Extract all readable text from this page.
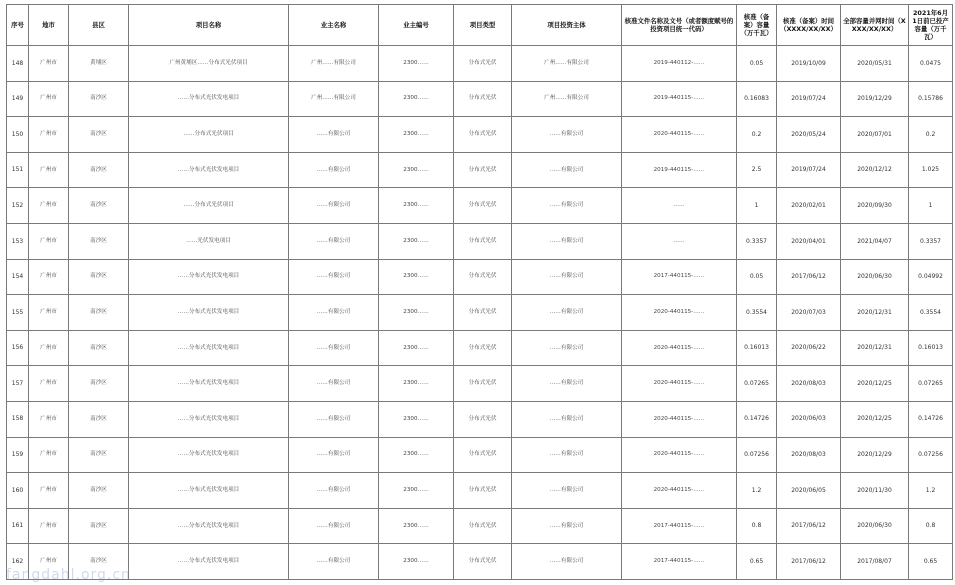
序号	地市	县区	项目名称	业主名称	业主编号	项目类型	项目投资主体	核准文件名称及文号（或者额度赋号的投资项目统一代码）	核准（备案）容量（万千瓦）	核准（备案）时间（XXXX/XX/XX）	全部容量并网时间（XXXX/XX/XX）	2021年6月1日前已投产容量（万千瓦）
148	广州市	黄埔区	广州黄埔区……分布式光伏项目	广州……有限公司	2300……	分布式光伏	广州……有限公司	2019-440112-……	0.05	2019/10/09	2020/05/31	0.0475
149	广州市	南沙区	……分布式光伏发电项目	广州……有限公司	2300……	分布式光伏	广州……有限公司	2019-440115-……	0.16083	2019/07/24	2019/12/29	0.15786
150	广州市	南沙区	……分布式光伏项目	……有限公司	2300……	分布式光伏	……有限公司	2020-440115-……	0.2	2020/05/24	2020/07/01	0.2
151	广州市	南沙区	……分布式光伏发电项目	……有限公司	2300……	分布式光伏	……有限公司	2019-440115-……	2.5	2019/07/24	2020/12/12	1.025
152	广州市	南沙区	……分布式光伏项目	……有限公司	2300……	分布式光伏	……有限公司	……	1	2020/02/01	2020/09/30	1
153	广州市	南沙区	……光伏发电项目	……有限公司	2300……	分布式光伏	……有限公司	……	0.3357	2020/04/01	2021/04/07	0.3357
154	广州市	南沙区	……分布式光伏发电项目	……有限公司	2300……	分布式光伏	……有限公司	2017-440115-……	0.05	2017/06/12	2020/06/30	0.04992
155	广州市	南沙区	……分布式光伏发电项目	……有限公司	2300……	分布式光伏	……有限公司	2020-440115-……	0.3554	2020/07/03	2020/12/31	0.3554
156	广州市	南沙区	……分布式光伏发电项目	……有限公司	2300……	分布式光伏	……有限公司	2020-440115-……	0.16013	2020/06/22	2020/12/31	0.16013
157	广州市	南沙区	……分布式光伏发电项目	……有限公司	2300……	分布式光伏	……有限公司	2020-440115-……	0.07265	2020/08/03	2020/12/25	0.07265
158	广州市	南沙区	……分布式光伏发电项目	……有限公司	2300……	分布式光伏	……有限公司	2020-440115-……	0.14726	2020/06/03	2020/12/25	0.14726
159	广州市	南沙区	……分布式光伏发电项目	……有限公司	2300……	分布式光伏	……有限公司	2020-440115-……	0.07256	2020/08/03	2020/12/29	0.07256
160	广州市	南沙区	……分布式光伏发电项目	……有限公司	2300……	分布式光伏	……有限公司	2020-440115-……	1.2	2020/06/05	2020/11/30	1.2
161	广州市	南沙区	……分布式光伏发电项目	……有限公司	2300……	分布式光伏	……有限公司	2017-440115-……	0.8	2017/06/12	2020/06/30	0.8
162	广州市	南沙区	……分布式光伏发电项目	……有限公司	2300……	分布式光伏	……有限公司	2017-440115-……	0.65	2017/06/12	2017/08/07	0.65
fangdahl.org.cn
